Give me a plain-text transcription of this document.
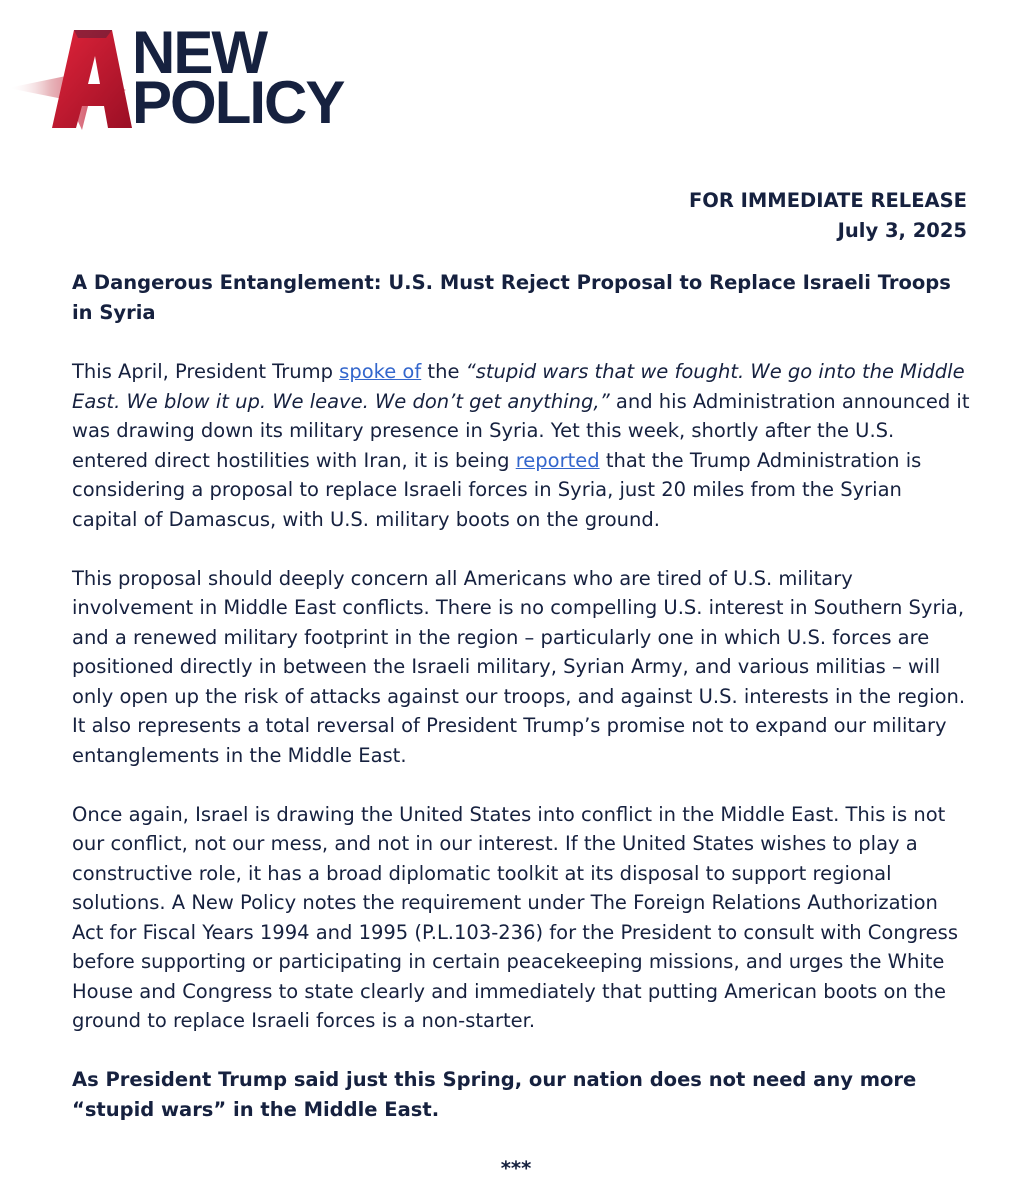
NEW
POLICY
FOR IMMEDIATE RELEASE
July 3, 2025

A Dangerous Entanglement: U.S. Must Reject Proposal to Replace Israeli Troops in Syria

This April, President Trump spoke of the “stupid wars that we fought. We go into the Middle East. We blow it up. We leave. We don’t get anything,” and his Administration announced it was drawing down its military presence in Syria. Yet this week, shortly after the U.S. entered direct hostilities with Iran, it is being reported that the Trump Administration is considering a proposal to replace Israeli forces in Syria, just 20 miles from the Syrian capital of Damascus, with U.S. military boots on the ground.

This proposal should deeply concern all Americans who are tired of U.S. military involvement in Middle East conflicts. There is no compelling U.S. interest in Southern Syria, and a renewed military footprint in the region – particularly one in which U.S. forces are positioned directly in between the Israeli military, Syrian Army, and various militias – will only open up the risk of attacks against our troops, and against U.S. interests in the region. It also represents a total reversal of President Trump’s promise not to expand our military entanglements in the Middle East.

Once again, Israel is drawing the United States into conflict in the Middle East. This is not our conflict, not our mess, and not in our interest. If the United States wishes to play a constructive role, it has a broad diplomatic toolkit at its disposal to support regional solutions. A New Policy notes the requirement under The Foreign Relations Authorization Act for Fiscal Years 1994 and 1995 (P.L.103-236) for the President to consult with Congress before supporting or participating in certain peacekeeping missions, and urges the White House and Congress to state clearly and immediately that putting American boots on the ground to replace Israeli forces is a non-starter.

As President Trump said just this Spring, our nation does not need any more “stupid wars” in the Middle East.

***
